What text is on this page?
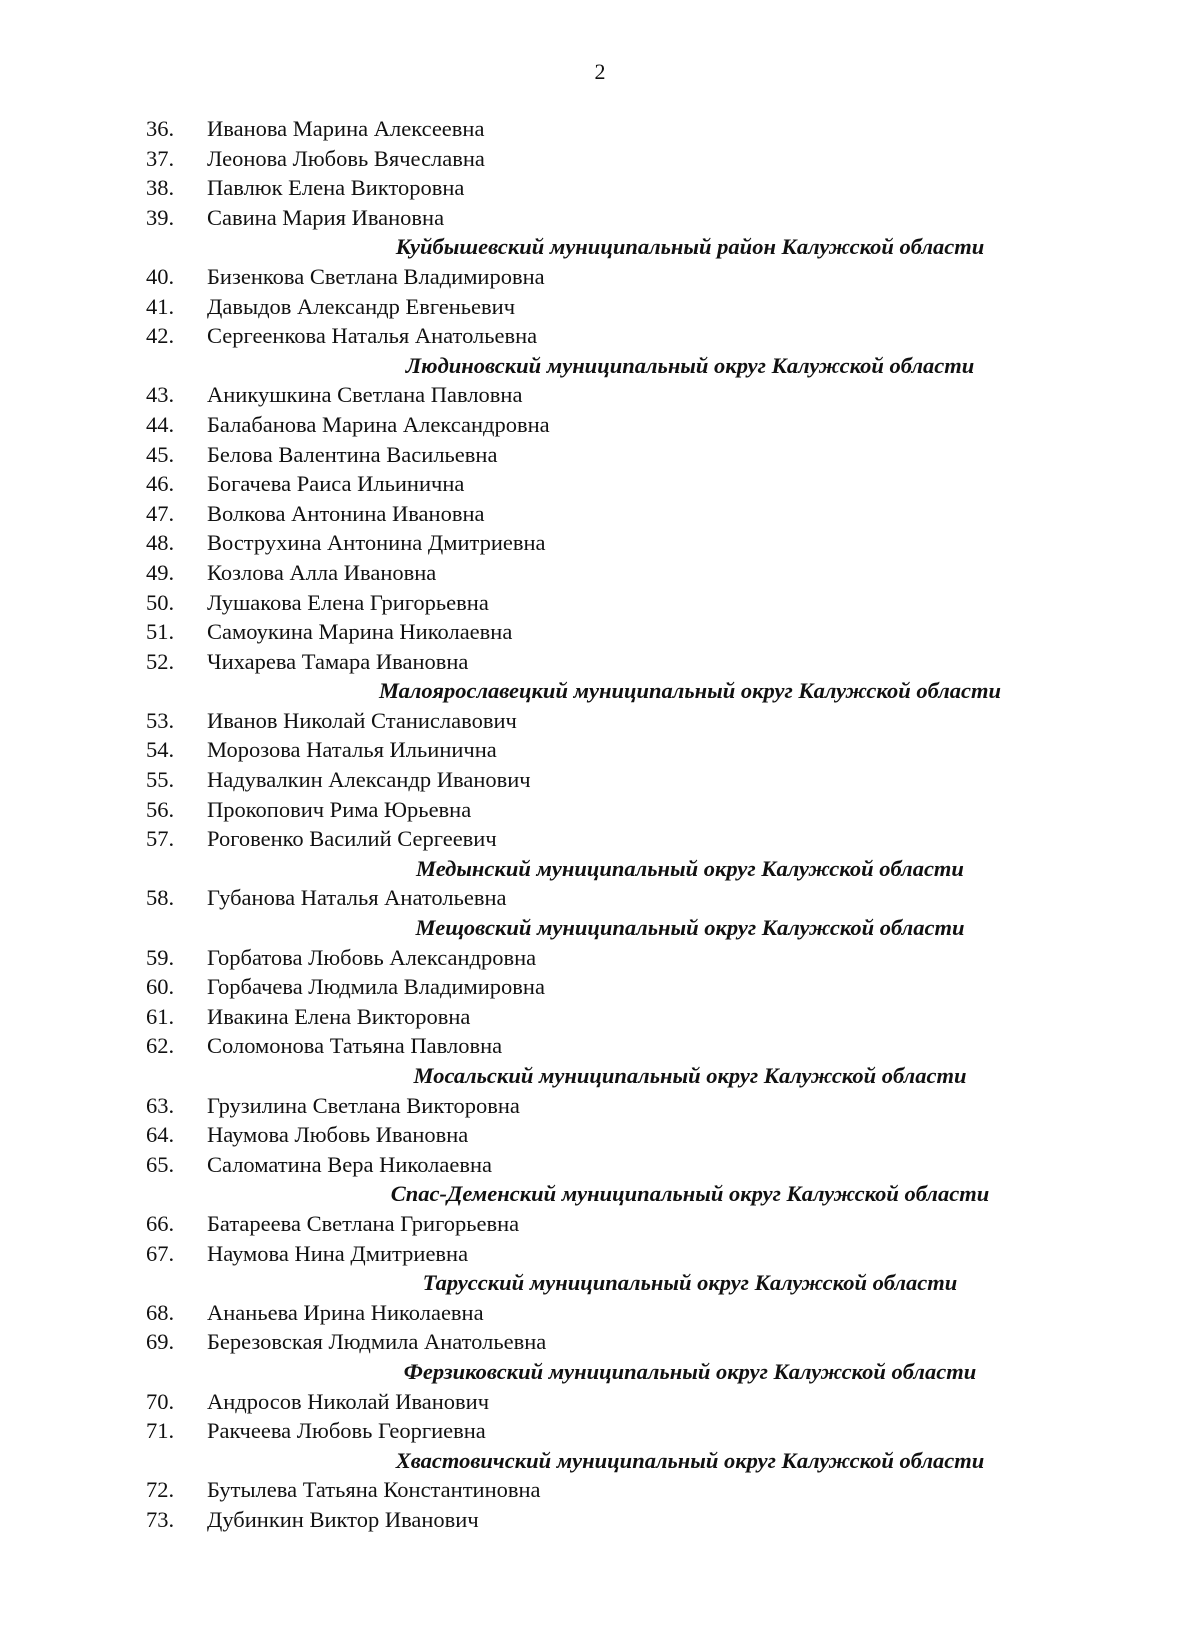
2
36.	Иванова Марина Алексеевна
37.	Леонова Любовь Вячеславна
38.	Павлюк Елена Викторовна
39.	Савина Мария Ивановна
Куйбышевский муниципальный район Калужской области
40.	Бизенкова Светлана Владимировна
41.	Давыдов Александр Евгеньевич
42.	Сергеенкова Наталья Анатольевна
Людиновский муниципальный округ Калужской области
43.	Аникушкина Светлана Павловна
44.	Балабанова Марина Александровна
45.	Белова Валентина Васильевна
46.	Богачева Раиса Ильинична
47.	Волкова Антонина Ивановна
48.	Вострухина Антонина Дмитриевна
49.	Козлова Алла Ивановна
50.	Лушакова Елена Григорьевна
51.	Самоукина Марина Николаевна
52.	Чихарева Тамара Ивановна
Малоярославецкий муниципальный округ Калужской области
53.	Иванов Николай Станиславович
54.	Морозова Наталья Ильинична
55.	Надувалкин Александр Иванович
56.	Прокопович Рима Юрьевна
57.	Роговенко Василий Сергеевич
Медынский муниципальный округ Калужской области
58.	Губанова Наталья Анатольевна
Мещовский муниципальный округ Калужской области
59.	Горбатова Любовь Александровна
60.	Горбачева Людмила Владимировна
61.	Ивакина Елена Викторовна
62.	Соломонова Татьяна Павловна
Мосальский муниципальный округ Калужской области
63.	Грузилина Светлана Викторовна
64.	Наумова Любовь Ивановна
65.	Саломатина Вера Николаевна
Спас-Деменский муниципальный округ Калужской области
66.	Батареева Светлана Григорьевна
67.	Наумова Нина Дмитриевна
Тарусский муниципальный округ Калужской области
68.	Ананьева Ирина Николаевна
69.	Березовская Людмила Анатольевна
Ферзиковский муниципальный округ Калужской области
70.	Андросов Николай Иванович
71.	Ракчеева Любовь Георгиевна
Хвастовичский муниципальный округ Калужской области
72.	Бутылева Татьяна Константиновна
73.	Дубинкин Виктор Иванович
